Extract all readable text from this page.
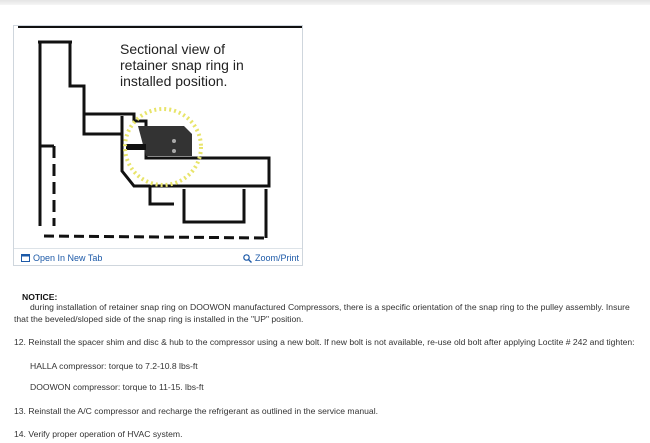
Sectional view of
retainer snap ring in
installed position.
Open In New Tab	Zoom/Print
NOTICE:
during installation of retainer snap ring on DOOWON manufactured Compressors, there is a specific orientation of the snap ring to the pulley assembly. Insure that the beveled/sloped side of the snap ring is installed in the "UP" position.
12. Reinstall the spacer shim and disc & hub to the compressor using a new bolt. If new bolt is not available, re-use old bolt after applying Loctite # 242 and tighten:
HALLA compressor: torque to 7.2-10.8 lbs-ft
DOOWON compressor: torque to 11-15. lbs-ft
13. Reinstall the A/C compressor and recharge the refrigerant as outlined in the service manual.
14. Verify proper operation of HVAC system.
